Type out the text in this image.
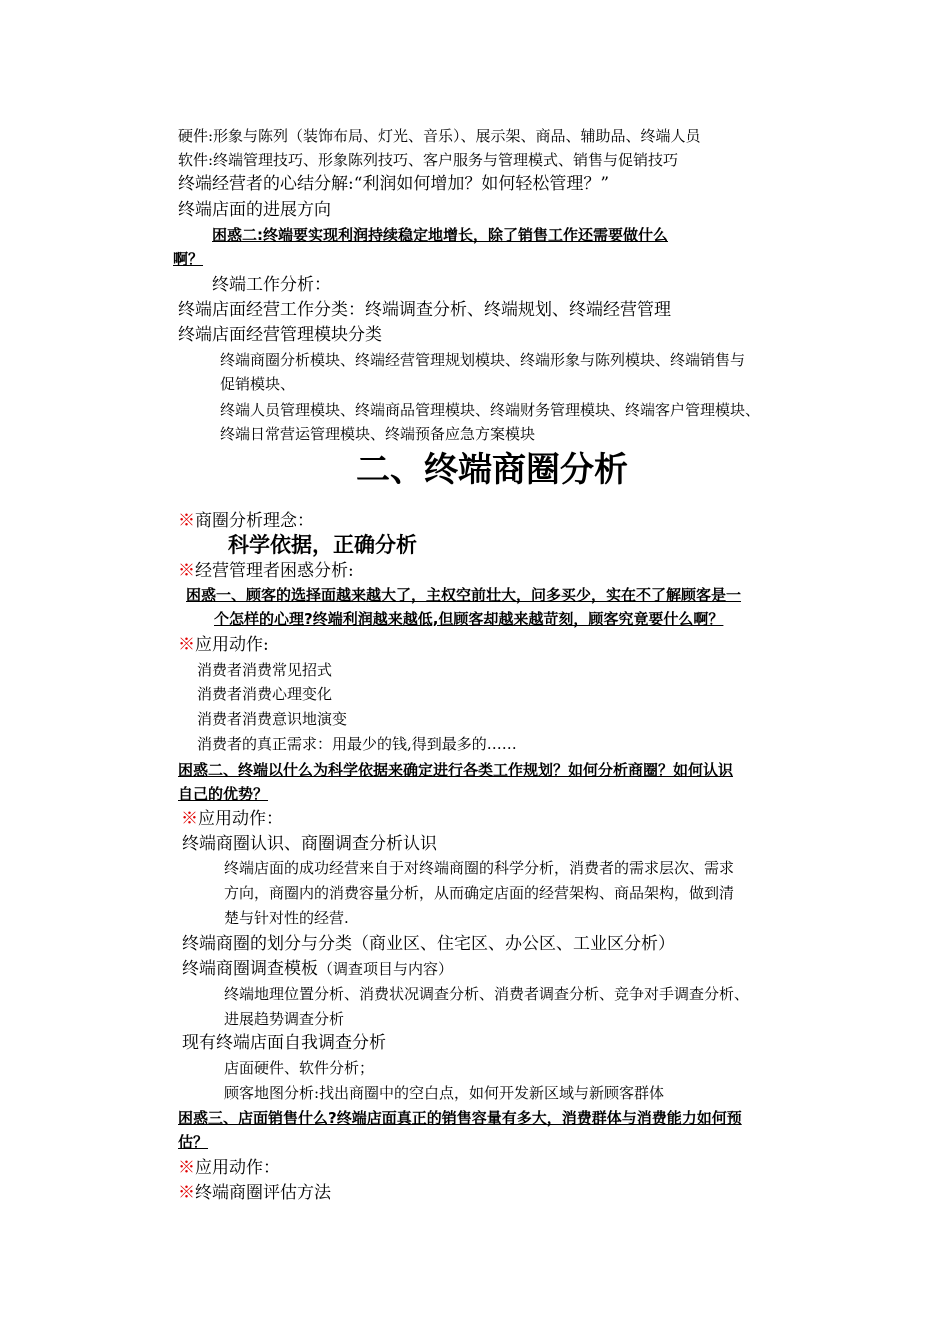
硬件:形象与陈列（装饰布局、灯光、音乐）、展示架、商品、辅助品、终端人员
软件:终端管理技巧、形象陈列技巧、客户服务与管理模式、销售与促销技巧
终端经营者的心结分解:“利润如何增加？如何轻松管理？”
终端店面的进展方向
困惑二:终端要实现利润持续稳定地增长，除了销售工作还需要做什么
啊？
终端工作分析：
终端店面经营工作分类：终端调查分析、终端规划、终端经营管理
终端店面经营管理模块分类
终端商圈分析模块、终端经营管理规划模块、终端形象与陈列模块、终端销售与
促销模块、
终端人员管理模块、终端商品管理模块、终端财务管理模块、终端客户管理模块、
终端日常营运管理模块、终端预备应急方案模块
二、终端商圈分析
※商圈分析理念：
科学依据，正确分析
※经营管理者困惑分析:
困惑一、顾客的选择面越来越大了，主权空前壮大，问多买少，实在不了解顾客是一
个怎样的心理?终端利润越来越低,但顾客却越来越苛刻，顾客究竟要什么啊？
※应用动作:
消费者消费常见招式
消费者消费心理变化
消费者消费意识地演变
消费者的真正需求：用最少的钱,得到最多的……
困惑二、终端以什么为科学依据来确定进行各类工作规划？如何分析商圈？如何认识
自己的优势？
※应用动作：
终端商圈认识、商圈调查分析认识
终端店面的成功经营来自于对终端商圈的科学分析，消费者的需求层次、需求
方向，商圈内的消费容量分析，从而确定店面的经营架构、商品架构，做到清
楚与针对性的经营.
终端商圈的划分与分类（商业区、住宅区、办公区、工业区分析）
终端商圈调查模板（调查项目与内容）
终端地理位置分析、消费状况调查分析、消费者调查分析、竞争对手调查分析、
进展趋势调查分析
现有终端店面自我调查分析
店面硬件、软件分析；
顾客地图分析:找出商圈中的空白点，如何开发新区域与新顾客群体
困惑三、店面销售什么?终端店面真正的销售容量有多大，消费群体与消费能力如何预
估？
※应用动作：
※终端商圈评估方法
